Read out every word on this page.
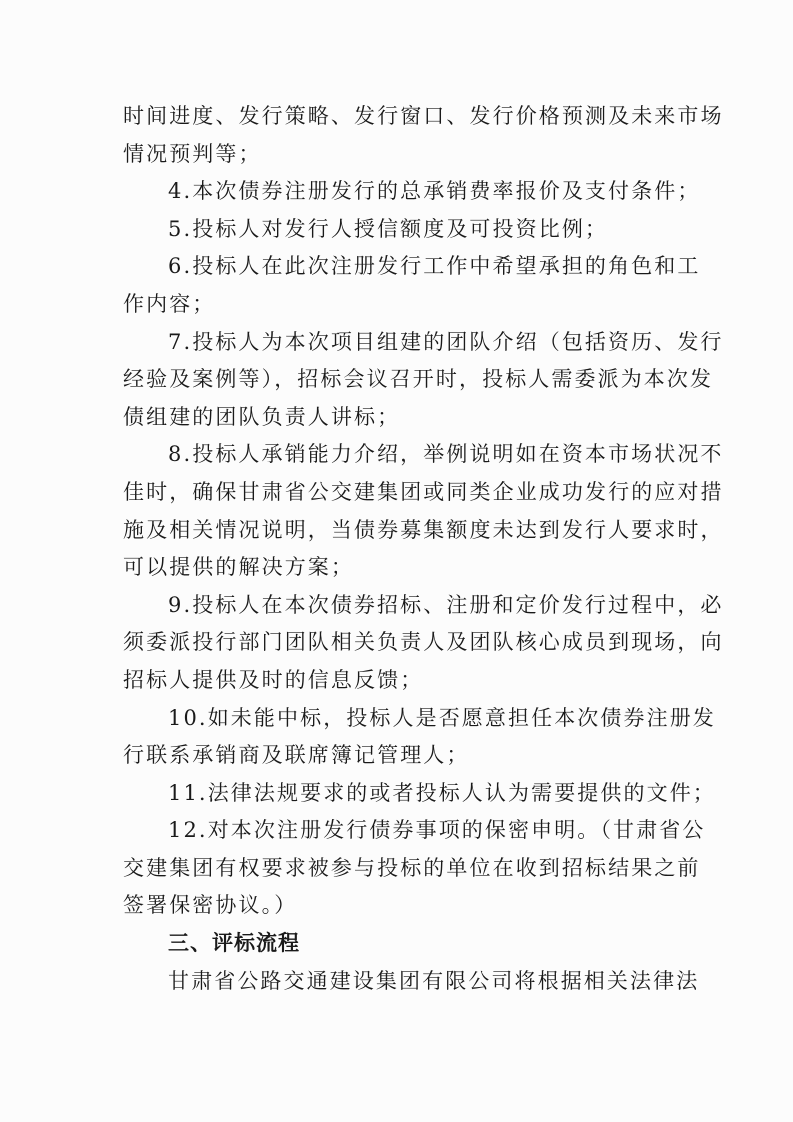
时间进度、发行策略、发行窗口、发行价格预测及未来市场
情况预判等；
4.本次债券注册发行的总承销费率报价及支付条件；
5.投标人对发行人授信额度及可投资比例；
6.投标人在此次注册发行工作中希望承担的角色和工
作内容；
7.投标人为本次项目组建的团队介绍（包括资历、发行
经验及案例等），招标会议召开时，投标人需委派为本次发
债组建的团队负责人讲标；
8.投标人承销能力介绍，举例说明如在资本市场状况不
佳时，确保甘肃省公交建集团或同类企业成功发行的应对措
施及相关情况说明，当债券募集额度未达到发行人要求时，
可以提供的解决方案；
9.投标人在本次债券招标、注册和定价发行过程中，必
须委派投行部门团队相关负责人及团队核心成员到现场，向
招标人提供及时的信息反馈；
10.如未能中标，投标人是否愿意担任本次债券注册发
行联系承销商及联席簿记管理人；
11.法律法规要求的或者投标人认为需要提供的文件；
12.对本次注册发行债券事项的保密申明。（甘肃省公
交建集团有权要求被参与投标的单位在收到招标结果之前
签署保密协议。）
三、评标流程
甘肃省公路交通建设集团有限公司将根据相关法律法
